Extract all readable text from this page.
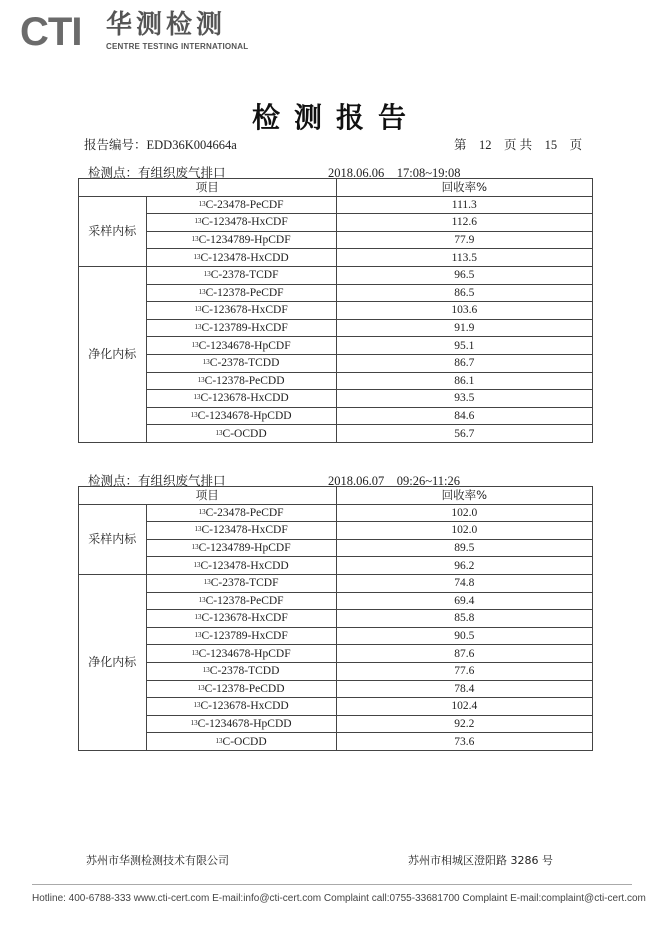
CTI 华测检测
CENTRE TESTING INTERNATIONAL
检测报告
报告编号：EDD36K004664a	第　12　页 共　15　页
检测点：有组织废气排口	2018.06.06　17:08~19:08
项目		回收率%
采样内标	$^{13}$C-23478-PeCDF	111.3
	$^{13}$C-123478-HxCDF	112.6
	$^{13}$C-1234789-HpCDF	77.9
	$^{13}$C-123478-HxCDD	113.5
净化内标	$^{13}$C-2378-TCDF	96.5
	$^{13}$C-12378-PeCDF	86.5
	$^{13}$C-123678-HxCDF	103.6
	$^{13}$C-123789-HxCDF	91.9
	$^{13}$C-1234678-HpCDF	95.1
	$^{13}$C-2378-TCDD	86.7
	$^{13}$C-12378-PeCDD	86.1
	$^{13}$C-123678-HxCDD	93.5
	$^{13}$C-1234678-HpCDD	84.6
	$^{13}$C-OCDD	56.7
检测点：有组织废气排口	2018.06.07　09:26~11:26
项目		回收率%
采样内标	$^{13}$C-23478-PeCDF	102.0
	$^{13}$C-123478-HxCDF	102.0
	$^{13}$C-1234789-HpCDF	89.5
	$^{13}$C-123478-HxCDD	96.2
净化内标	$^{13}$C-2378-TCDF	74.8
	$^{13}$C-12378-PeCDF	69.4
	$^{13}$C-123678-HxCDF	85.8
	$^{13}$C-123789-HxCDF	90.5
	$^{13}$C-1234678-HpCDF	87.6
	$^{13}$C-2378-TCDD	77.6
	$^{13}$C-12378-PeCDD	78.4
	$^{13}$C-123678-HxCDD	102.4
	$^{13}$C-1234678-HpCDD	92.2
	$^{13}$C-OCDD	73.6
苏州市华测检测技术有限公司	苏州市相城区澄阳路 3286 号
Hotline: 400-6788-333 www.cti-cert.com E-mail:info@cti-cert.com Complaint call:0755-33681700 Complaint E-mail:complaint@cti-cert.com
